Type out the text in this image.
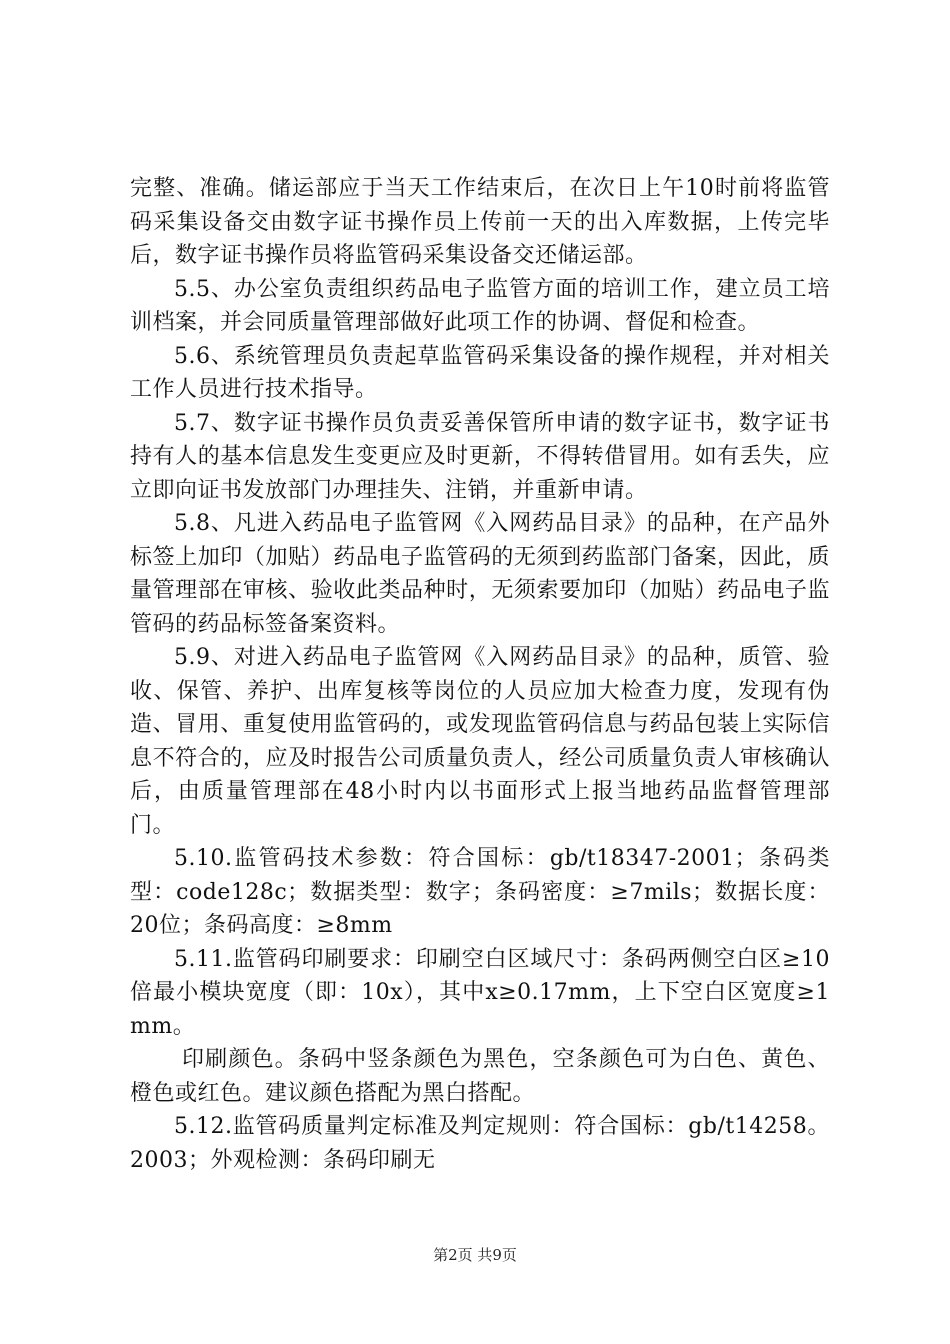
完整、准确。储运部应于当天工作结束后，在次日上午10时前将监管码采集设备交由数字证书操作员上传前一天的出入库数据，上传完毕后，数字证书操作员将监管码采集设备交还储运部。

5.5、办公室负责组织药品电子监管方面的培训工作，建立员工培训档案，并会同质量管理部做好此项工作的协调、督促和检查。

5.6、系统管理员负责起草监管码采集设备的操作规程，并对相关工作人员进行技术指导。

5.7、数字证书操作员负责妥善保管所申请的数字证书，数字证书持有人的基本信息发生变更应及时更新，不得转借冒用。如有丢失，应立即向证书发放部门办理挂失、注销，并重新申请。

5.8、凡进入药品电子监管网《入网药品目录》的品种，在产品外标签上加印（加贴）药品电子监管码的无须到药监部门备案，因此，质量管理部在审核、验收此类品种时，无须索要加印（加贴）药品电子监管码的药品标签备案资料。

5.9、对进入药品电子监管网《入网药品目录》的品种，质管、验收、保管、养护、出库复核等岗位的人员应加大检查力度，发现有伪造、冒用、重复使用监管码的，或发现监管码信息与药品包装上实际信息不符合的，应及时报告公司质量负责人，经公司质量负责人审核确认后，由质量管理部在48小时内以书面形式上报当地药品监督管理部门。

5.10.监管码技术参数：符合国标：gb/t18347-2001；条码类型：code128c；数据类型：数字；条码密度：≥7mils；数据长度：20位；条码高度：≥8mm

5.11.监管码印刷要求：印刷空白区域尺寸：条码两侧空白区≥10倍最小模块宽度（即：10x），其中x≥0.17mm，上下空白区宽度≥1mm。

印刷颜色。条码中竖条颜色为黑色，空条颜色可为白色、黄色、橙色或红色。建议颜色搭配为黑白搭配。

5.12.监管码质量判定标准及判定规则：符合国标：gb/t14258。2003；外观检测：条码印刷无

第2页 共9页
